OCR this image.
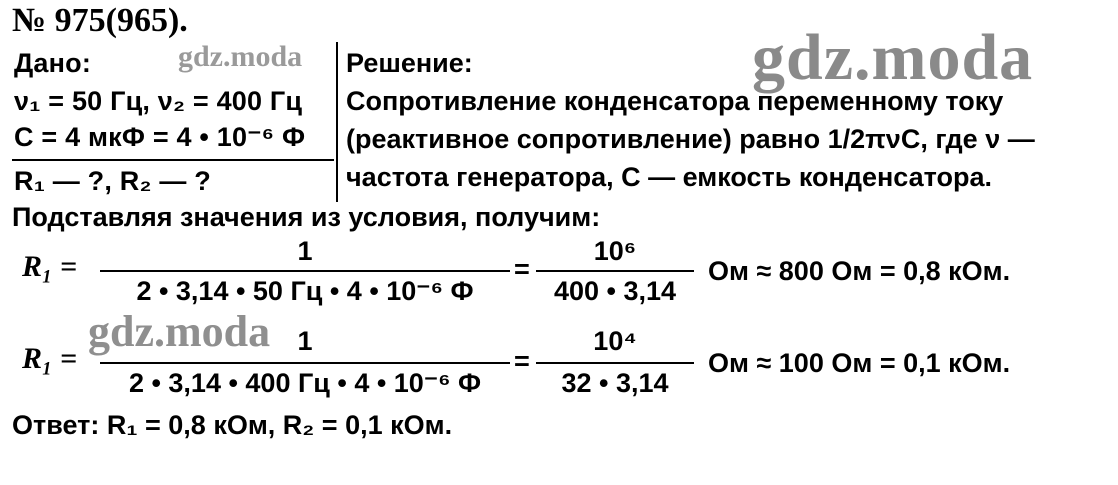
№ 975(965).
gdz.moda
gdz.moda
gdz.moda
Дано:
ν₁ = 50 Гц, ν₂ = 400 Гц
C = 4 мкФ = 4 • 10⁻⁶ Ф
R₁ — ?, R₂ — ?
Решение:
Сопротивление конденсатора переменному току
(реактивное сопротивление) равно 1/2πνC, где ν —
частота генератора, C — емкость конденсатора.
Подставляя значения из условия, получим:
R₁ =	1
2 • 3,14 • 50 Гц • 4 • 10⁻⁶ Ф
=
10⁶
400 • 3,14
Ом ≈ 800 Ом = 0,8 кОм.
R₁ =
1
2 • 3,14 • 400 Гц • 4 • 10⁻⁶ Ф
=
10⁴
32 • 3,14
Ом ≈ 100 Ом = 0,1 кОм.
Ответ: R₁ = 0,8 кОм, R₂ = 0,1 кОм.
